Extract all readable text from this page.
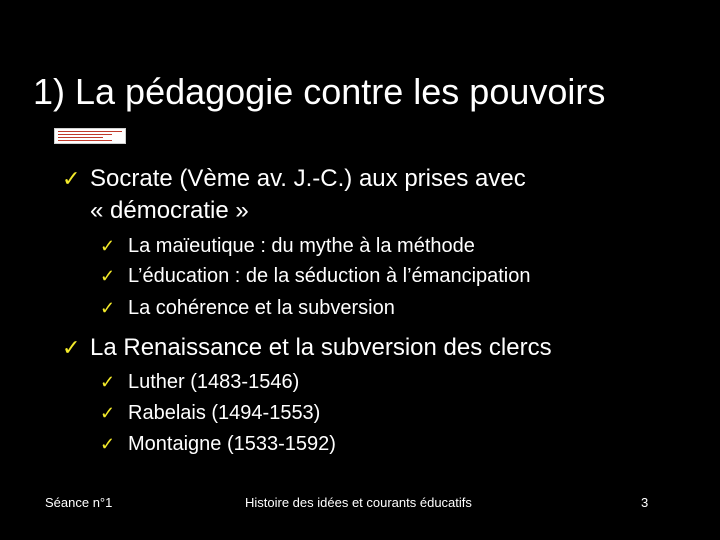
1) La pédagogie contre les pouvoirs
✓ Socrate (Vème av. J.-C.) aux prises avec
« démocratie »
✓ La maïeutique : du mythe à la méthode
✓ L’éducation : de la séduction à l’émancipation
✓ La cohérence et la subversion
✓ La Renaissance et la subversion des clercs
✓ Luther (1483-1546)
✓ Rabelais (1494-1553)
✓ Montaigne (1533-1592)
Séance n°1	Histoire des idées et courants éducatifs	3
